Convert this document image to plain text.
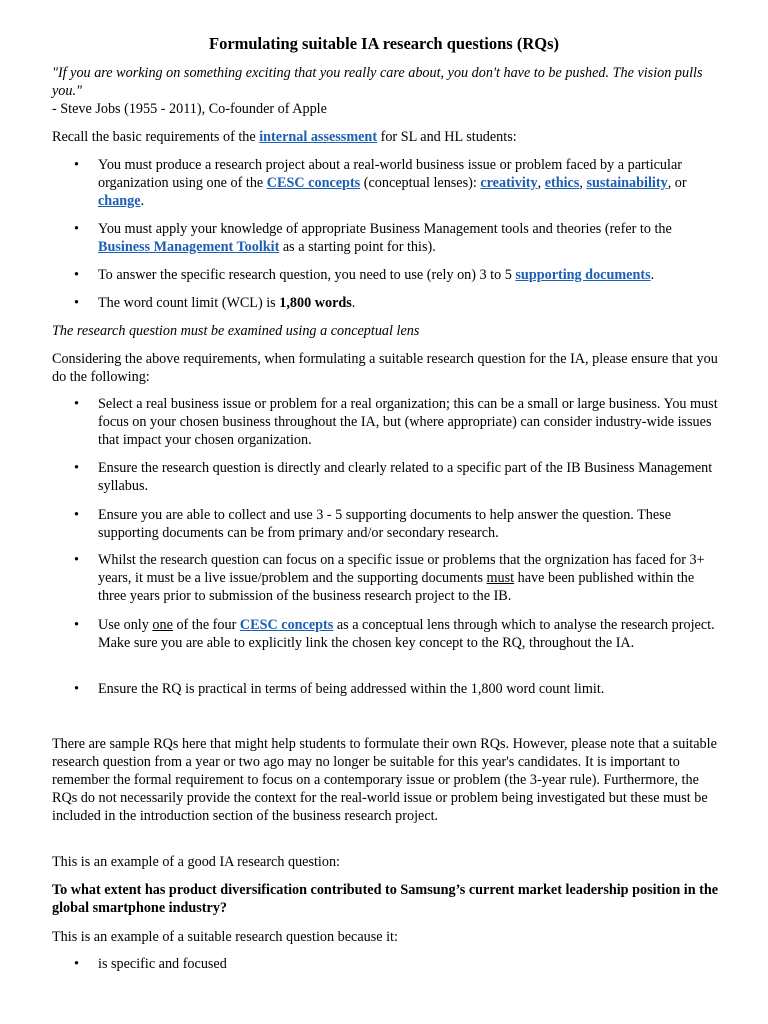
Formulating suitable IA research questions (RQs)

"If you are working on something exciting that you really care about, you don't have to be pushed. The vision pulls you."
- Steve Jobs (1955 - 2011), Co-founder of Apple

Recall the basic requirements of the internal assessment for SL and HL students:

• You must produce a research project about a real-world business issue or problem faced by a particular organization using one of the CESC concepts (conceptual lenses): creativity, ethics, sustainability, or change.
• You must apply your knowledge of appropriate Business Management tools and theories (refer to the Business Management Toolkit as a starting point for this).
• To answer the specific research question, you need to use (rely on) 3 to 5 supporting documents.
• The word count limit (WCL) is 1,800 words.

The research question must be examined using a conceptual lens

Considering the above requirements, when formulating a suitable research question for the IA, please ensure that you do the following:

• Select a real business issue or problem for a real organization; this can be a small or large business. You must focus on your chosen business throughout the IA, but (where appropriate) can consider industry-wide issues that impact your chosen organization.
• Ensure the research question is directly and clearly related to a specific part of the IB Business Management syllabus.
• Ensure you are able to collect and use 3 - 5 supporting documents to help answer the question. These supporting documents can be from primary and/or secondary research.
• Whilst the research question can focus on a specific issue or problems that the orgnization has faced for 3+ years, it must be a live issue/problem and the supporting documents must have been published within the three years prior to submission of the business research project to the IB.
• Use only one of the four CESC concepts as a conceptual lens through which to analyse the research project. Make sure you are able to explicitly link the chosen key concept to the RQ, throughout the IA.
• Ensure the RQ is practical in terms of being addressed within the 1,800 word count limit.

There are sample RQs here that might help students to formulate their own RQs. However, please note that a suitable research question from a year or two ago may no longer be suitable for this year's candidates. It is important to remember the formal requirement to focus on a contemporary issue or problem (the 3-year rule). Furthermore, the RQs do not necessarily provide the context for the real-world issue or problem being investigated but these must be included in the introduction section of the business research project.

This is an example of a good IA research question:

To what extent has product diversification contributed to Samsung’s current market leadership position in the global smartphone industry?

This is an example of a suitable research question because it:

• is specific and focused
